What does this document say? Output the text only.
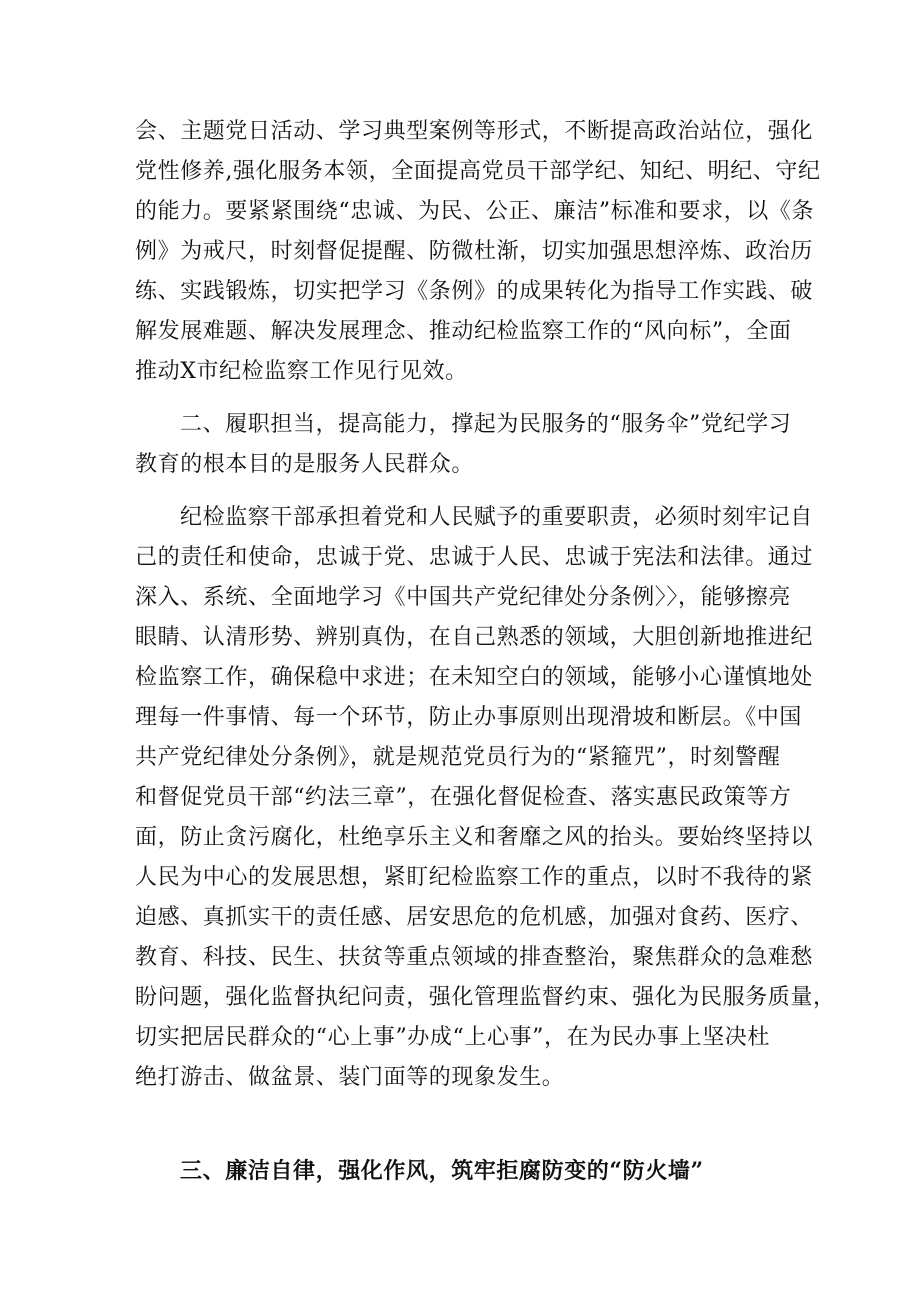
会、主题党日活动、学习典型案例等形式，不断提高政治站位，强化
党性修养,强化服务本领，全面提高党员干部学纪、知纪、明纪、守纪
的能力。要紧紧围绕“忠诚、为民、公正、廉洁”标准和要求，以《条
例》为戒尺，时刻督促提醒、防微杜渐，切实加强思想淬炼、政治历
练、实践锻炼，切实把学习《条例》的成果转化为指导工作实践、破
解发展难题、解决发展理念、推动纪检监察工作的“风向标”，全面
推动X市纪检监察工作见行见效。
二、履职担当，提高能力，撑起为民服务的“服务伞”党纪学习
教育的根本目的是服务人民群众。
纪检监察干部承担着党和人民赋予的重要职责，必须时刻牢记自
己的责任和使命，忠诚于党、忠诚于人民、忠诚于宪法和法律。通过
深入、系统、全面地学习《中国共产党纪律处分条例〉〉，能够擦亮
眼睛、认清形势、辨别真伪，在自己熟悉的领域，大胆创新地推进纪
检监察工作，确保稳中求进；在未知空白的领域，能够小心谨慎地处
理每一件事情、每一个环节，防止办事原则出现滑坡和断层。《中国
共产党纪律处分条例》，就是规范党员行为的“紧箍咒”，时刻警醒
和督促党员干部“约法三章”，在强化督促检查、落实惠民政策等方
面，防止贪污腐化，杜绝享乐主义和奢靡之风的抬头。要始终坚持以
人民为中心的发展思想，紧盯纪检监察工作的重点，以时不我待的紧
迫感、真抓实干的责任感、居安思危的危机感，加强对食药、医疗、
教育、科技、民生、扶贫等重点领域的排查整治，聚焦群众的急难愁
盼问题，强化监督执纪问责，强化管理监督约束、强化为民服务质量，
切实把居民群众的“心上事”办成“上心事”，在为民办事上坚决杜
绝打游击、做盆景、装门面等的现象发生。
三、廉洁自律，强化作风，筑牢拒腐防变的“防火墙”
